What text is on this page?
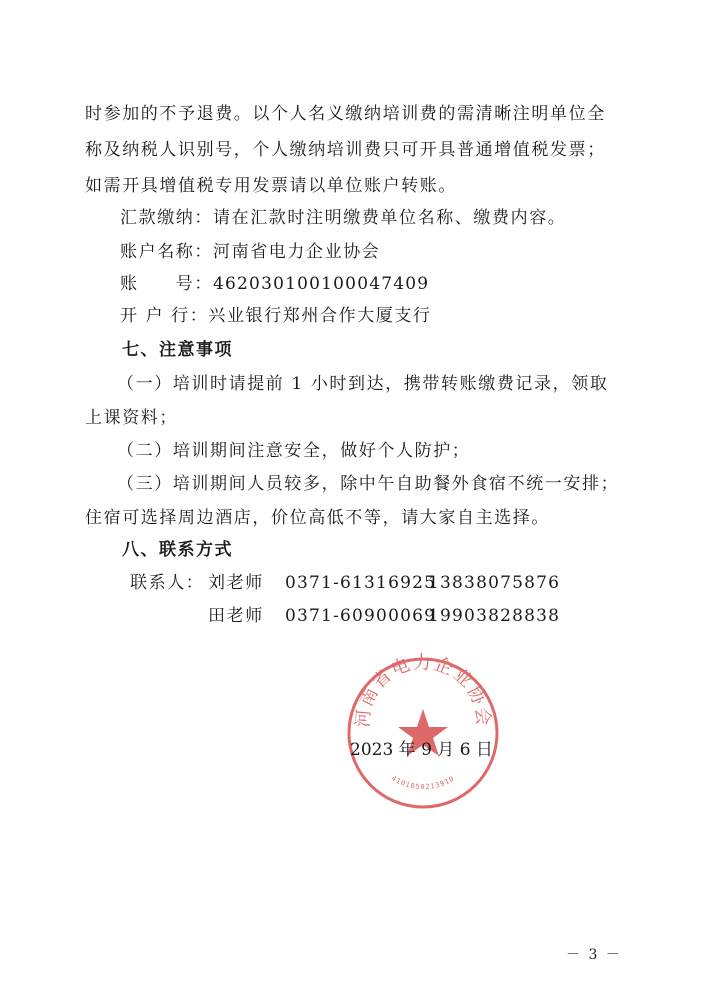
时参加的不予退费。以个人名义缴纳培训费的需清晰注明单位全
称及纳税人识别号，个人缴纳培训费只可开具普通增值税发票；
如需开具增值税专用发票请以单位账户转账。
汇款缴纳：请在汇款时注明缴费单位名称、缴费内容。
账户名称：河南省电力企业协会
账　　号：462030100100047409
开 户 行：兴业银行郑州合作大厦支行
七、注意事项
（一）培训时请提前 1 小时到达，携带转账缴费记录，领取
上课资料；
（二）培训期间注意安全，做好个人防护；
（三）培训期间人员较多，除中午自助餐外食宿不统一安排；
住宿可选择周边酒店，价位高低不等，请大家自主选择。
八、联系方式
联系人： 刘老师 0371-61316925
13838075876
田老师 0371-60900069
19903828838
河南省电力企业协会
4101050213910
2023 年 9 月 6 日
－ 3 －
